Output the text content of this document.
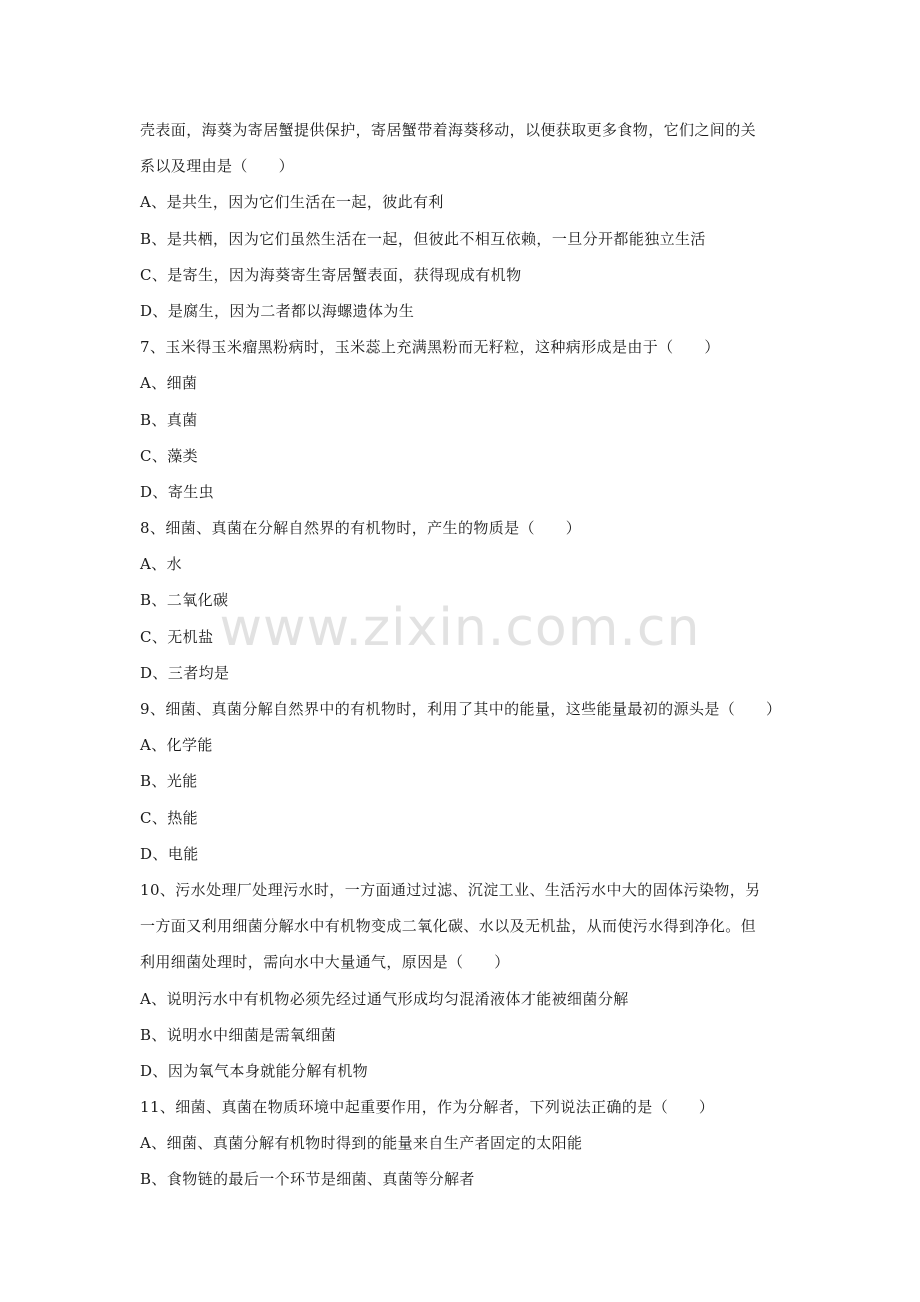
壳表面，海葵为寄居蟹提供保护，寄居蟹带着海葵移动，以便获取更多食物，它们之间的关
系以及理由是（　　）
A、是共生，因为它们生活在一起，彼此有利
B、是共栖，因为它们虽然生活在一起，但彼此不相互依赖，一旦分开都能独立生活
C、是寄生，因为海葵寄生寄居蟹表面，获得现成有机物
D、是腐生，因为二者都以海螺遗体为生
7、玉米得玉米瘤黑粉病时，玉米蕊上充满黑粉而无籽粒，这种病形成是由于（　　）
A、细菌
B、真菌
C、藻类
D、寄生虫
8、细菌、真菌在分解自然界的有机物时，产生的物质是（　　）
A、水
B、二氧化碳
C、无机盐
D、三者均是
9、细菌、真菌分解自然界中的有机物时，利用了其中的能量，这些能量最初的源头是（　　）
A、化学能
B、光能
C、热能
D、电能
10、污水处理厂处理污水时，一方面通过过滤、沉淀工业、生活污水中大的固体污染物，另
一方面又利用细菌分解水中有机物变成二氧化碳、水以及无机盐，从而使污水得到净化。但
利用细菌处理时，需向水中大量通气，原因是（　　）
A、说明污水中有机物必须先经过通气形成均匀混淆液体才能被细菌分解
B、说明水中细菌是需氧细菌
D、因为氧气本身就能分解有机物
11、细菌、真菌在物质环境中起重要作用，作为分解者，下列说法正确的是（　　）
A、细菌、真菌分解有机物时得到的能量来自生产者固定的太阳能
B、食物链的最后一个环节是细菌、真菌等分解者
www.zixin.com.cn
